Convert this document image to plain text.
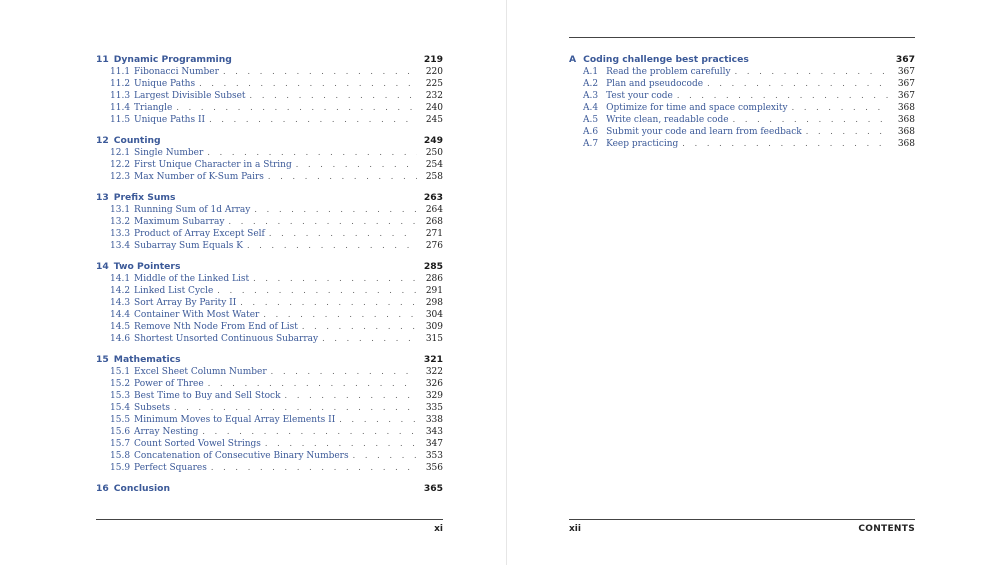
11 Dynamic Programming	219
11.1 Fibonacci Number . . .	220
11.2 Unique Paths . . .	225
11.3 Largest Divisible Subset . . .	232
11.4 Triangle . . .	240
11.5 Unique Paths II . . .	245
12 Counting	249
12.1 Single Number . . .	250
12.2 First Unique Character in a String . . .	254
12.3 Max Number of K-Sum Pairs . . .	258
13 Prefix Sums	263
13.1 Running Sum of 1d Array . . .	264
13.2 Maximum Subarray . . .	268
13.3 Product of Array Except Self . . .	271
13.4 Subarray Sum Equals K . . .	276
14 Two Pointers	285
14.1 Middle of the Linked List . . .	286
14.2 Linked List Cycle . . .	291
14.3 Sort Array By Parity II . . .	298
14.4 Container With Most Water . . .	304
14.5 Remove Nth Node From End of List . . .	309
14.6 Shortest Unsorted Continuous Subarray . . .	315
15 Mathematics	321
15.1 Excel Sheet Column Number . . .	322
15.2 Power of Three . . .	326
15.3 Best Time to Buy and Sell Stock . . .	329
15.4 Subsets . . .	335
15.5 Minimum Moves to Equal Array Elements II . . .	338
15.6 Array Nesting . . .	343
15.7 Count Sorted Vowel Strings . . .	347
15.8 Concatenation of Consecutive Binary Numbers . . .	353
15.9 Perfect Squares . . .	356
16 Conclusion	365
xi
A Coding challenge best practices	367
A.1 Read the problem carefully . . .	367
A.2 Plan and pseudocode . . .	367
A.3 Test your code . . .	367
A.4 Optimize for time and space complexity . . .	368
A.5 Write clean, readable code . . .	368
A.6 Submit your code and learn from feedback . . .	368
A.7 Keep practicing . . .	368
xii	CONTENTS
